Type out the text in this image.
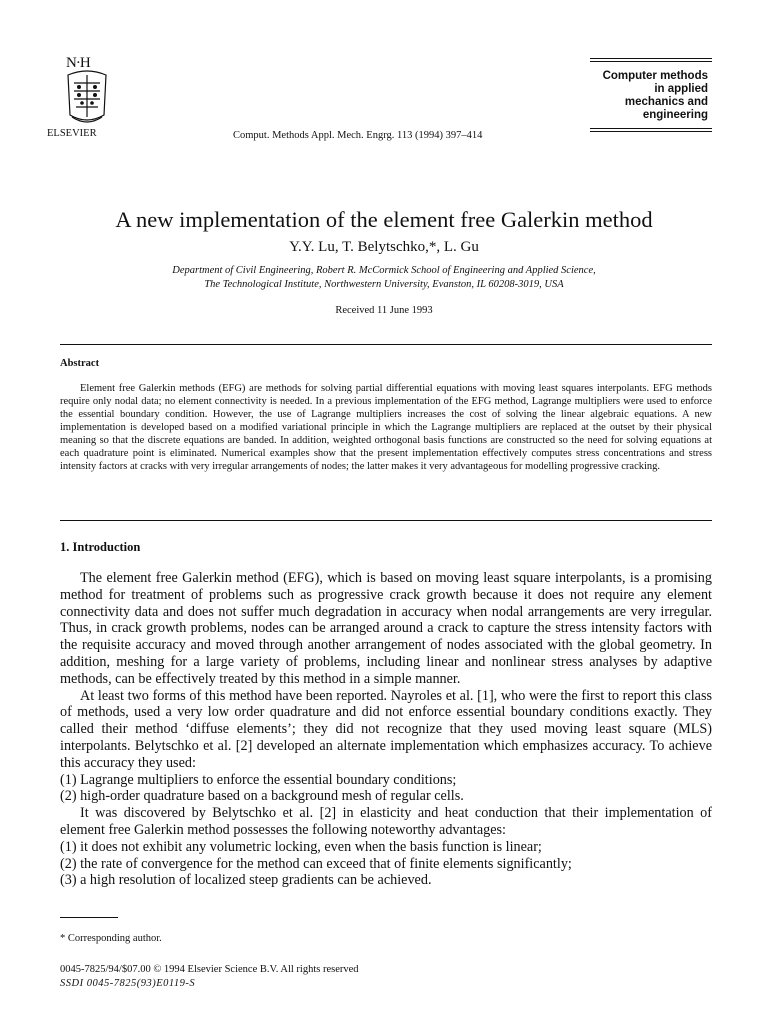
N·H
ELSEVIER	Comput. Methods Appl. Mech. Engrg. 113 (1994) 397–414
Computer methods
in applied
mechanics and
engineering
A new implementation of the element free Galerkin method
Y.Y. Lu, T. Belytschko,*, L. Gu
Department of Civil Engineering, Robert R. McCormick School of Engineering and Applied Science,
The Technological Institute, Northwestern University, Evanston, IL 60208-3019, USA
Received 11 June 1993
Abstract
Element free Galerkin methods (EFG) are methods for solving partial differential equations with moving least squares interpolants. EFG methods require only nodal data; no element connectivity is needed. In a previous implementation of the EFG method, Lagrange multipliers were used to enforce the essential boundary condition. However, the use of Lagrange multipliers increases the cost of solving the linear algebraic equations. A new implementation is developed based on a modified variational principle in which the Lagrange multipliers are replaced at the outset by their physical meaning so that the discrete equations are banded. In addition, weighted orthogonal basis functions are constructed so the need for solving equations at each quadrature point is eliminated. Numerical examples show that the present implementation effectively computes stress concentrations and stress intensity factors at cracks with very irregular arrangements of nodes; the latter makes it very advantageous for modelling progressive cracking.
1. Introduction

The element free Galerkin method (EFG), which is based on moving least square interpolants, is a promising method for treatment of problems such as progressive crack growth because it does not require any element connectivity data and does not suffer much degradation in accuracy when nodal arrangements are very irregular. Thus, in crack growth problems, nodes can be arranged around a crack to capture the stress intensity factors with the requisite accuracy and moved through another arrangement of nodes associated with the global geometry. In addition, meshing for a large variety of problems, including linear and nonlinear stress analyses by adaptive methods, can be effectively treated by this method in a simple manner.

At least two forms of this method have been reported. Nayroles et al. [1], who were the first to report this class of methods, used a very low order quadrature and did not enforce essential boundary conditions exactly. They called their method ‘diffuse elements’; they did not recognize that they used moving least square (MLS) interpolants. Belytschko et al. [2] developed an alternate implementation which emphasizes accuracy. To achieve this accuracy they used:

(1) Lagrange multipliers to enforce the essential boundary conditions;

(2) high-order quadrature based on a background mesh of regular cells.

It was discovered by Belytschko et al. [2] in elasticity and heat conduction that their implementation of element free Galerkin method possesses the following noteworthy advantages:

(1) it does not exhibit any volumetric locking, even when the basis function is linear;

(2) the rate of convergence for the method can exceed that of finite elements significantly;

(3) a high resolution of localized steep gradients can be achieved.

* Corresponding author.
0045-7825/94/$07.00 © 1994 Elsevier Science B.V. All rights reserved
SSDI 0045-7825(93)E0119-S
